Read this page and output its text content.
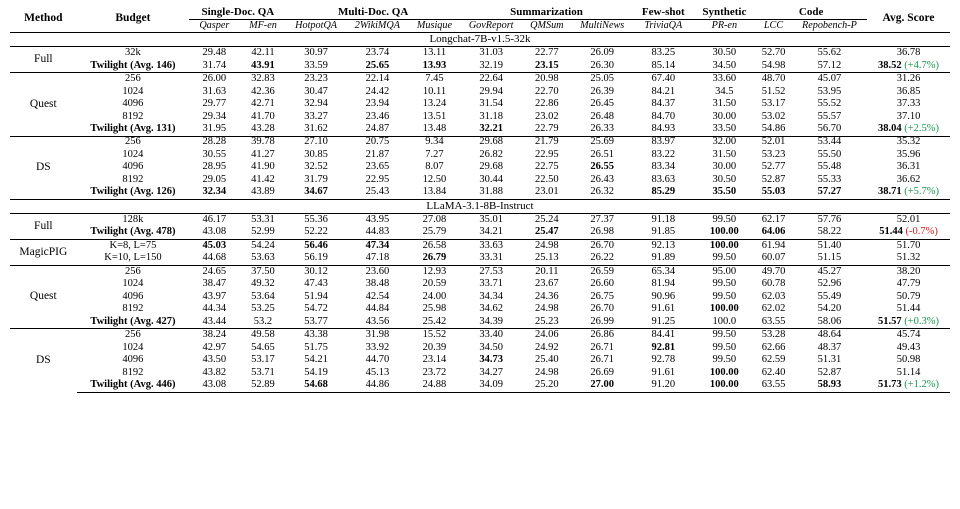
Method	Budget	Single-Doc. QA		Multi-Doc. QA			Summarization			Few-shot	Synthetic	Code		Avg. Score
		Qasper	MF-en	HotpotQA	2WikiMQA	Musique	GovReport	QMSum	MultiNews	TriviaQA	PR-en	LCC	Repobench-P	
Longchat-7B-v1.5-32k														
Full	32k	29.48	42.11	30.97	23.74	13.11	31.03	22.77	26.09	83.25	30.50	52.70	55.62	36.78
	Twilight (Avg. 146)	31.74	43.91	33.59	25.65	13.93	32.19	23.15	26.30	85.14	34.50	54.98	57.12	38.52 (+4.7%)
Quest	256	26.00	32.83	23.23	22.14	7.45	22.64	20.98	25.05	67.40	33.60	48.70	45.07	31.26
	1024	31.63	42.36	30.47	24.42	10.11	29.94	22.70	26.39	84.21	34.5	51.52	53.95	36.85
	4096	29.77	42.71	32.94	23.94	13.24	31.54	22.86	26.45	84.37	31.50	53.17	55.52	37.33
	8192	29.34	41.70	33.27	23.46	13.51	31.18	23.02	26.48	84.70	30.00	53.02	55.57	37.10
	Twilight (Avg. 131)	31.95	43.28	31.62	24.87	13.48	32.21	22.79	26.33	84.93	33.50	54.86	56.70	38.04 (+2.5%)
DS	256	28.28	39.78	27.10	20.75	9.34	29.68	21.79	25.69	83.97	32.00	52.01	53.44	35.32
	1024	30.55	41.27	30.85	21.87	7.27	26.82	22.95	26.51	83.22	31.50	53.23	55.50	35.96
	4096	28.95	41.90	32.52	23.65	8.07	29.68	22.75	26.55	83.34	30.00	52.77	55.48	36.31
	8192	29.05	41.42	31.79	22.95	12.50	30.44	22.50	26.43	83.63	30.50	52.87	55.33	36.62
	Twilight (Avg. 126)	32.34	43.89	34.67	25.43	13.84	31.88	23.01	26.32	85.29	35.50	55.03	57.27	38.71 (+5.7%)
LLaMA-3.1-8B-Instruct														
Full	128k	46.17	53.31	55.36	43.95	27.08	35.01	25.24	27.37	91.18	99.50	62.17	57.76	52.01
	Twilight (Avg. 478)	43.08	52.99	52.22	44.83	25.79	34.21	25.47	26.98	91.85	100.00	64.06	58.22	51.44 (-0.7%)
MagicPIG	K=8, L=75	45.03	54.24	56.46	47.34	26.58	33.63	24.98	26.70	92.13	100.00	61.94	51.40	51.70
	K=10, L=150	44.68	53.63	56.19	47.18	26.79	33.31	25.13	26.22	91.89	99.50	60.07	51.15	51.32
Quest	256	24.65	37.50	30.12	23.60	12.93	27.53	20.11	26.59	65.34	95.00	49.70	45.27	38.20
	1024	38.47	49.32	47.43	38.48	20.59	33.71	23.67	26.60	81.94	99.50	60.78	52.96	47.79
	4096	43.97	53.64	51.94	42.54	24.00	34.34	24.36	26.75	90.96	99.50	62.03	55.49	50.79
	8192	44.34	53.25	54.72	44.84	25.98	34.62	24.98	26.70	91.61	100.00	62.02	54.20	51.44
	Twilight (Avg. 427)	43.44	53.2	53.77	43.56	25.42	34.39	25.23	26.99	91.25	100.0	63.55	58.06	51.57 (+0.3%)
DS	256	38.24	49.58	43.38	31.98	15.52	33.40	24.06	26.86	84.41	99.50	53.28	48.64	45.74
	1024	42.97	54.65	51.75	33.92	20.39	34.50	24.92	26.71	92.81	99.50	62.66	48.37	49.43
	4096	43.50	53.17	54.21	44.70	23.14	34.73	25.40	26.71	92.78	99.50	62.59	51.31	50.98
	8192	43.82	53.71	54.19	45.13	23.72	34.27	24.98	26.69	91.61	100.00	62.40	52.87	51.14
	Twilight (Avg. 446)	43.08	52.89	54.68	44.86	24.88	34.09	25.20	27.00	91.20	100.00	63.55	58.93	51.73 (+1.2%)
